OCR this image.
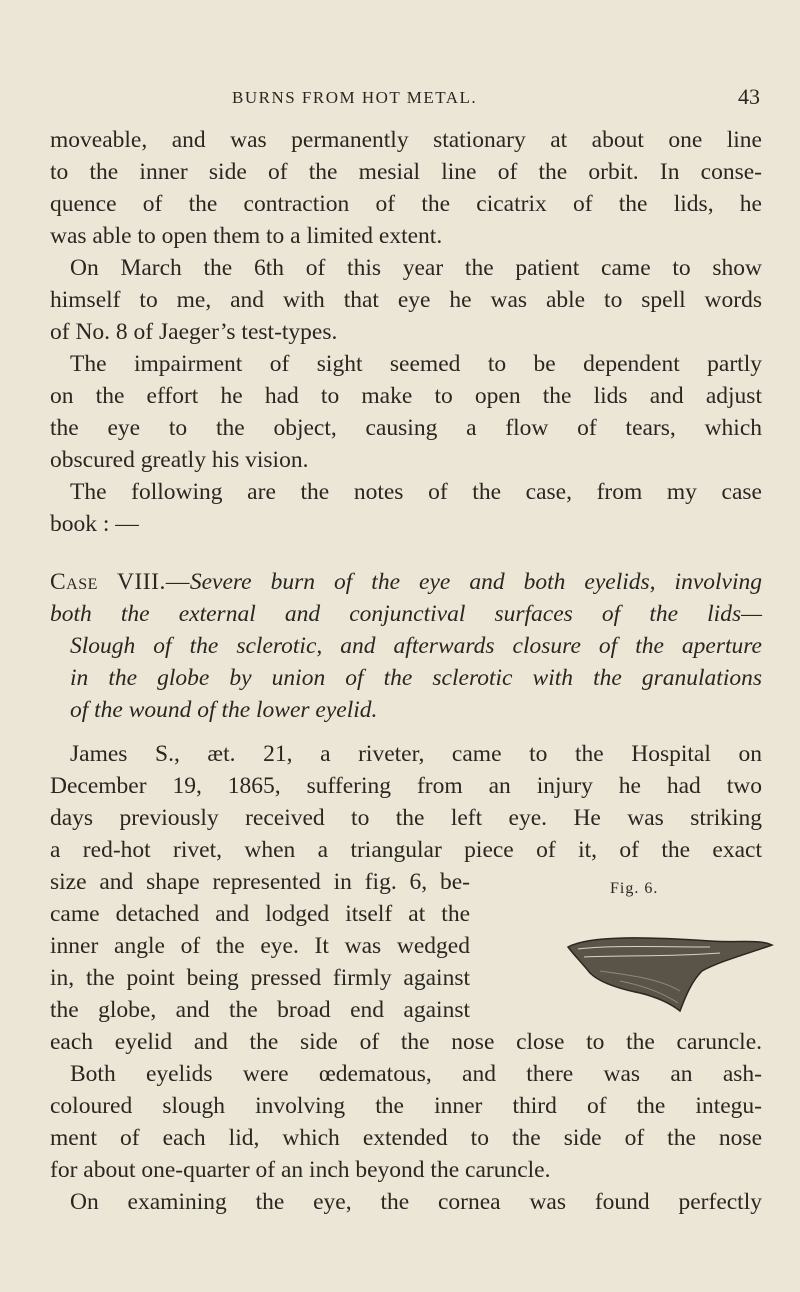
BURNS FROM HOT METAL.	43
moveable, and was permanently stationary at about one line
to the inner side of the mesial line of the orbit. In conse-
quence of the contraction of the cicatrix of the lids, he
was able to open them to a limited extent.
On March the 6th of this year the patient came to show
himself to me, and with that eye he was able to spell words
of No. 8 of Jaeger’s test-types.
The impairment of sight seemed to be dependent partly
on the effort he had to make to open the lids and adjust
the eye to the object, causing a flow of tears, which
obscured greatly his vision.
The following are the notes of the case, from my case
book : —
Case VIII.—Severe burn of the eye and both eyelids, involving
both the external and conjunctival surfaces of the lids—
Slough of the sclerotic, and afterwards closure of the aperture
in the globe by union of the sclerotic with the granulations
of the wound of the lower eyelid.
James S., æt. 21, a riveter, came to the Hospital on
December 19, 1865, suffering from an injury he had two
days previously received to the left eye. He was striking
a red-hot rivet, when a triangular piece of it, of the exact
size and shape represented in fig. 6, be-
came detached and lodged itself at the
inner angle of the eye. It was wedged
in, the point being pressed firmly against
the globe, and the broad end against
each eyelid and the side of the nose close to the caruncle.
Both eyelids were œdematous, and there was an ash-
coloured slough involving the inner third of the integu-
ment of each lid, which extended to the side of the nose
for about one-quarter of an inch beyond the caruncle.
On examining the eye, the cornea was found perfectly
Fig. 6.
